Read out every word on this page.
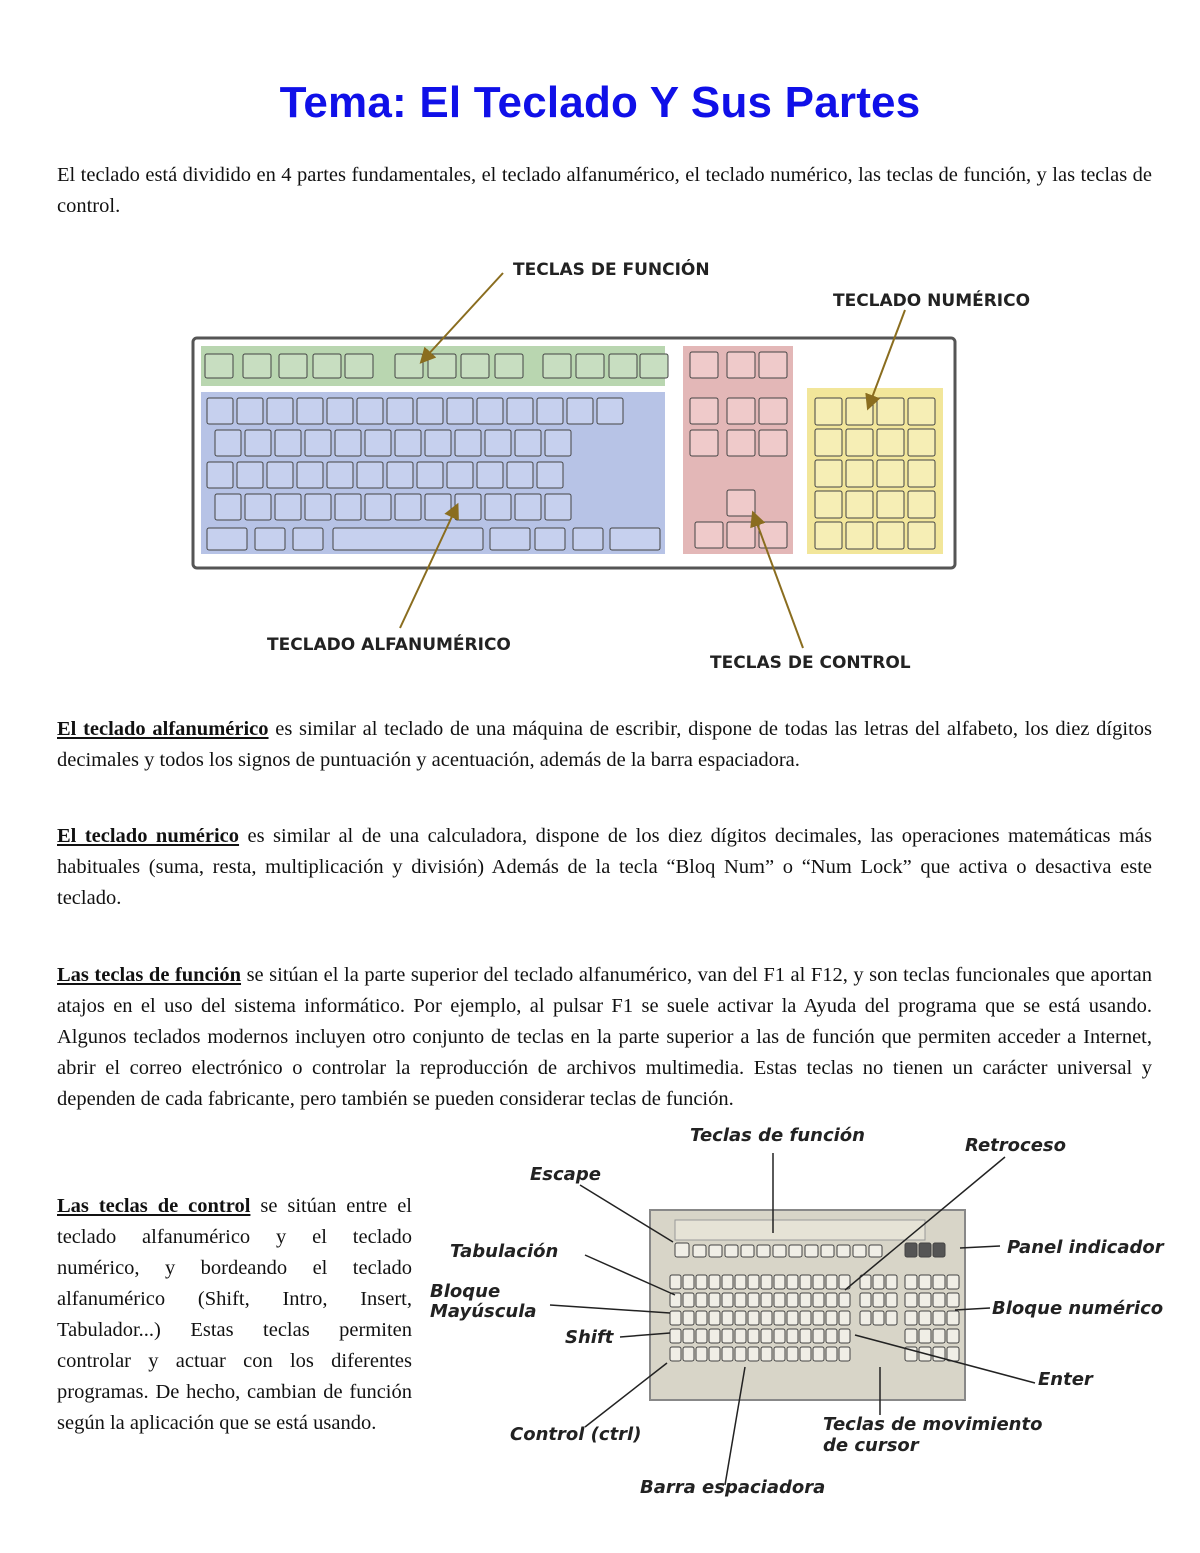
Tema: El Teclado Y Sus Partes

El teclado está dividido en 4 partes fundamentales, el teclado alfanumérico, el teclado numérico, las teclas de función, y las teclas de control.

TECLAS DE FUNCIÓN
TECLADO NUMÉRICO
TECLADO ALFANUMÉRICO
TECLAS DE CONTROL

El teclado alfanumérico es similar al teclado de una máquina de escribir, dispone de todas las letras del alfabeto, los diez dígitos decimales y todos los signos de puntuación y acentuación, además de la barra espaciadora.

El teclado numérico es similar al de una calculadora, dispone de los diez dígitos decimales, las operaciones matemáticas más habituales (suma, resta, multiplicación y división) Además de la tecla “Bloq Num” o “Num Lock” que activa o desactiva este teclado.

Las teclas de función se sitúan el la parte superior del teclado alfanumérico, van del F1 al F12, y son teclas funcionales que aportan atajos en el uso del sistema informático. Por ejemplo, al pulsar F1 se suele activar la Ayuda del programa que se está usando. Algunos teclados modernos incluyen otro conjunto de teclas en la parte superior a las de función que permiten acceder a Internet, abrir el correo electrónico o controlar la reproducción de archivos multimedia. Estas teclas no tienen un carácter universal y dependen de cada fabricante, pero también se pueden considerar teclas de función.

Las teclas de control se sitúan entre el teclado alfanumérico y el teclado numérico, y bordeando el teclado alfanumérico (Shift, Intro, Insert, Tabulador...) Estas teclas permiten controlar y actuar con los diferentes programas. De hecho, cambian de función según la aplicación que se está usando.

Teclas de función	Retroceso
Escape
Tabulación	Panel indicador
Bloque
Mayúscula	Bloque numérico
Shift
Enter
Control (ctrl)	Teclas de movimiento
de cursor
Barra espaciadora
